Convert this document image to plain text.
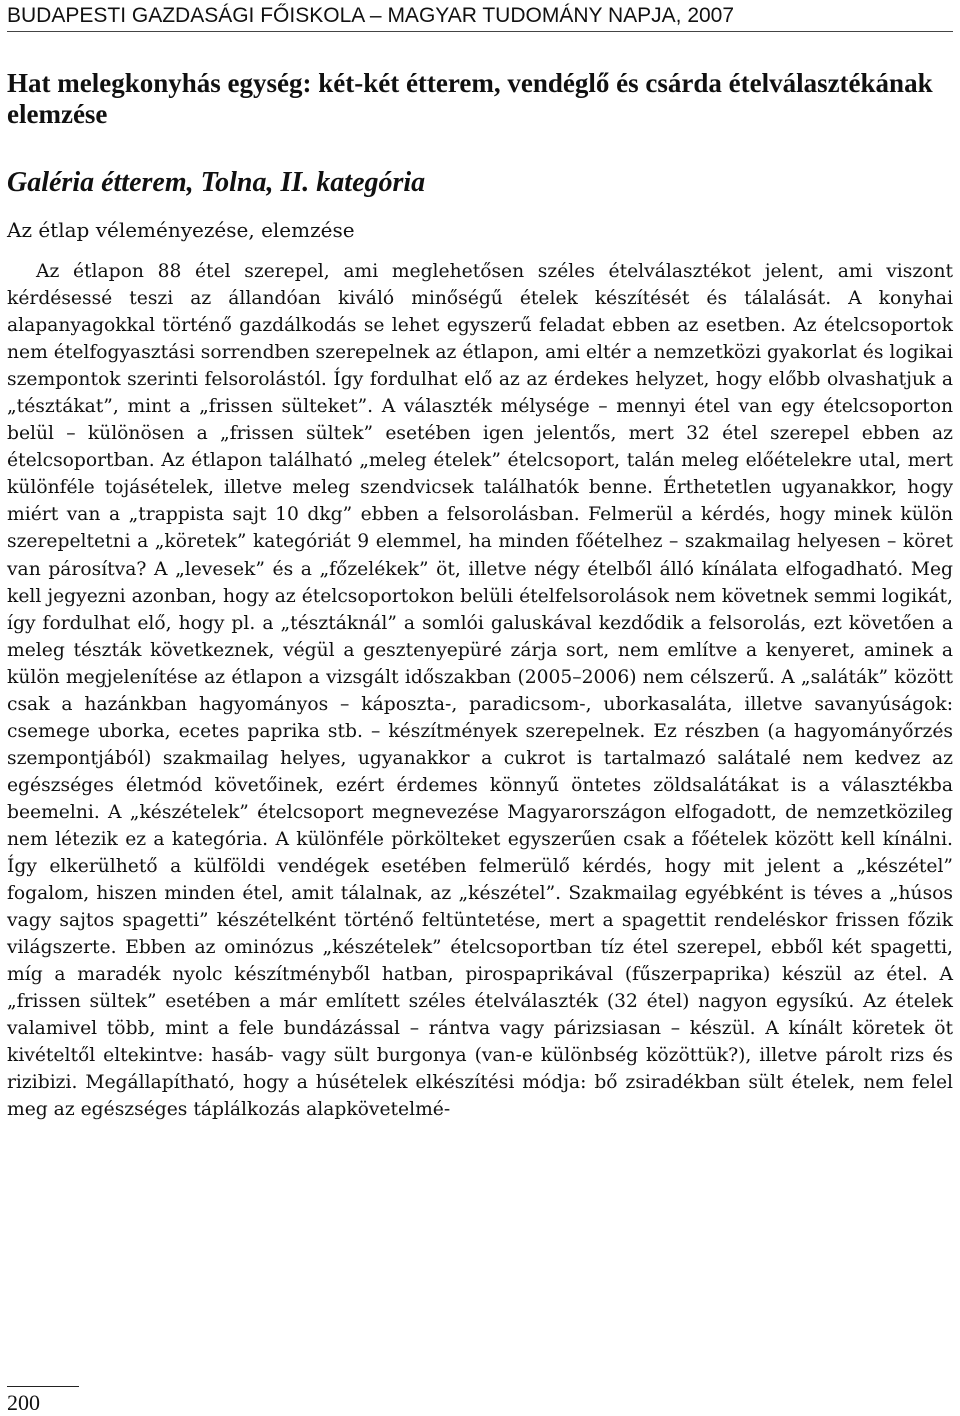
BUDAPESTI GAZDASÁGI FŐISKOLA – MAGYAR TUDOMÁNY NAPJA, 2007
Hat melegkonyhás egység: két-két étterem, vendéglő és csárda ételválasztékának elemzése
Galéria étterem, Tolna, II. kategória
Az étlap véleményezése, elemzése

Az étlapon 88 étel szerepel, ami meglehetősen széles ételválasztékot jelent, ami viszont kérdésessé teszi az állandóan kiváló minőségű ételek készítését és tálalását. A konyhai alapanyagokkal történő gazdálkodás se lehet egyszerű feladat ebben az esetben. Az ételcsoportok nem ételfogyasztási sorrendben szerepelnek az étlapon, ami eltér a nemzetközi gyakorlat és logikai szempontok szerinti felsorolástól. Így fordulhat elő az az érdekes helyzet, hogy előbb olvashatjuk a „tésztákat”, mint a „frissen sülteket”. A választék mélysége – mennyi étel van egy ételcsoporton belül – különösen a „frissen sültek” esetében igen jelentős, mert 32 étel szerepel ebben az ételcsoportban. Az étlapon található „meleg ételek” ételcsoport, talán meleg előételekre utal, mert különféle tojásételek, illetve meleg szendvicsek találhatók benne. Érthetetlen ugyanakkor, hogy miért van a „trappista sajt 10 dkg” ebben a felsorolásban. Felmerül a kérdés, hogy minek külön szerepeltetni a „köretek” kategóriát 9 elemmel, ha minden főételhez – szakmailag helyesen – köret van párosítva? A „levesek” és a „főzelékek” öt, illetve négy ételből álló kínálata elfogadható. Meg kell jegyezni azonban, hogy az ételcsoportokon belüli ételfelsorolások nem követnek semmi logikát, így fordulhat elő, hogy pl. a „tésztáknál” a somlói galuskával kezdődik a felsorolás, ezt követően a meleg tészták következnek, végül a gesztenyepüré zárja sort, nem említve a kenyeret, aminek a külön megjelenítése az étlapon a vizsgált időszakban (2005–2006) nem célszerű. A „saláták” között csak a hazánkban hagyományos – káposzta-, paradicsom-, uborkasaláta, illetve savanyúságok: csemege uborka, ecetes paprika stb. – készítmények szerepelnek. Ez részben (a hagyományőrzés szempontjából) szakmailag helyes, ugyanakkor a cukrot is tartalmazó salátalé nem kedvez az egészséges életmód követőinek, ezért érdemes könnyű öntetes zöldsalátákat is a választékba beemelni. A „készételek” ételcsoport megnevezése Magyarországon elfogadott, de nemzetközileg nem létezik ez a kategória. A különféle pörkölteket egyszerűen csak a főételek között kell kínálni. Így elkerülhető a külföldi vendégek esetében felmerülő kérdés, hogy mit jelent a „készétel” fogalom, hiszen minden étel, amit tálalnak, az „készétel”. Szakmailag egyébként is téves a „húsos vagy sajtos spagetti” készételként történő feltüntetése, mert a spagettit rendeléskor frissen főzik világszerte. Ebben az ominózus „készételek” ételcsoportban tíz étel szerepel, ebből két spagetti, míg a maradék nyolc készítményből hatban, pirospaprikával (fűszerpaprika) készül az étel. A „frissen sültek” esetében a már említett széles ételválaszték (32 étel) nagyon egysíkú. Az ételek valamivel több, mint a fele bundázással – rántva vagy párizsiasan – készül. A kínált köretek öt kivételtől eltekintve: hasáb- vagy sült burgonya (van-e különbség közöttük?), illetve párolt rizs és rizibizi. Megállapítható, hogy a húsételek elkészítési módja: bő zsiradékban sült ételek, nem felel meg az egészséges táplálkozás alapkövetelmé-

200
